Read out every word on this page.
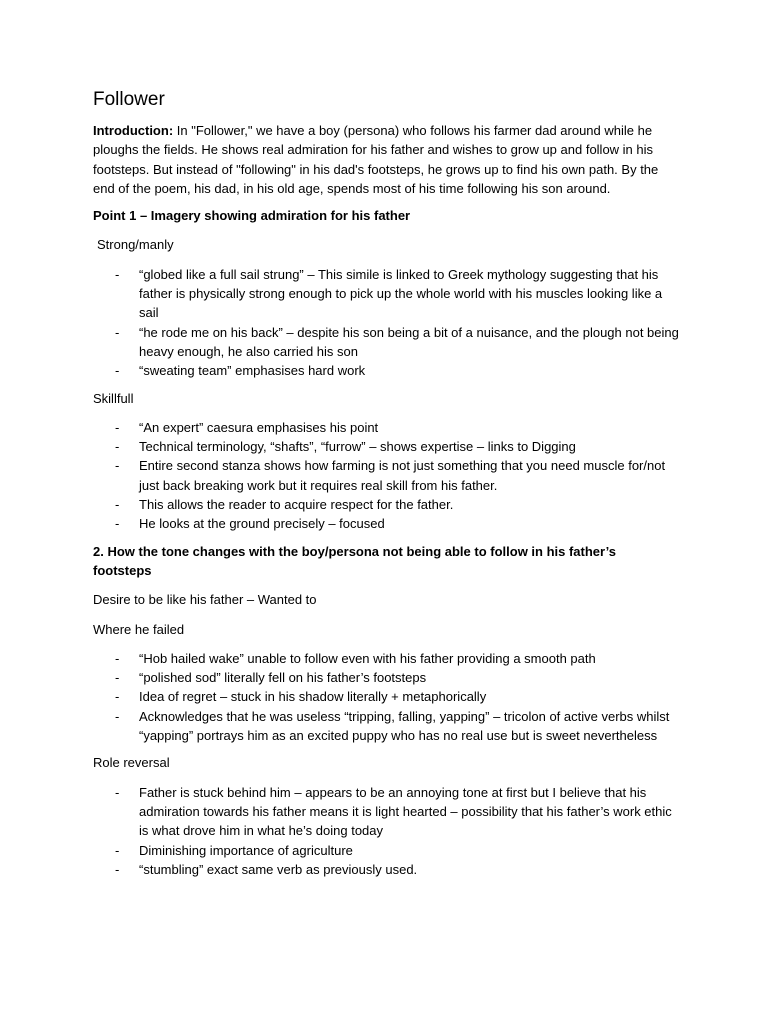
Follower

Introduction: In "Follower," we have a boy (persona) who follows his farmer dad around while he ploughs the fields. He shows real admiration for his father and wishes to grow up and follow in his footsteps. But instead of "following" in his dad's footsteps, he grows up to find his own path. By the end of the poem, his dad, in his old age, spends most of his time following his son around.

Point 1 – Imagery showing admiration for his father

Strong/manly

- “globed like a full sail strung” – This simile is linked to Greek mythology suggesting that his father is physically strong enough to pick up the whole world with his muscles looking like a sail
- “he rode me on his back” – despite his son being a bit of a nuisance, and the plough not being heavy enough, he also carried his son
- “sweating team” emphasises hard work

Skillfull

- “An expert” caesura emphasises his point
- Technical terminology, “shafts”, “furrow” – shows expertise – links to Digging
- Entire second stanza shows how farming is not just something that you need muscle for/not just back breaking work but it requires real skill from his father.
- This allows the reader to acquire respect for the father.
- He looks at the ground precisely – focused

2. How the tone changes with the boy/persona not being able to follow in his father’s footsteps

Desire to be like his father – Wanted to

Where he failed

- “Hob hailed wake” unable to follow even with his father providing a smooth path
- “polished sod” literally fell on his father’s footsteps
- Idea of regret – stuck in his shadow literally + metaphorically
- Acknowledges that he was useless “tripping, falling, yapping” – tricolon of active verbs whilst “yapping” portrays him as an excited puppy who has no real use but is sweet nevertheless

Role reversal

- Father is stuck behind him – appears to be an annoying tone at first but I believe that his admiration towards his father means it is light hearted – possibility that his father’s work ethic is what drove him in what he’s doing today
- Diminishing importance of agriculture
- “stumbling” exact same verb as previously used.
